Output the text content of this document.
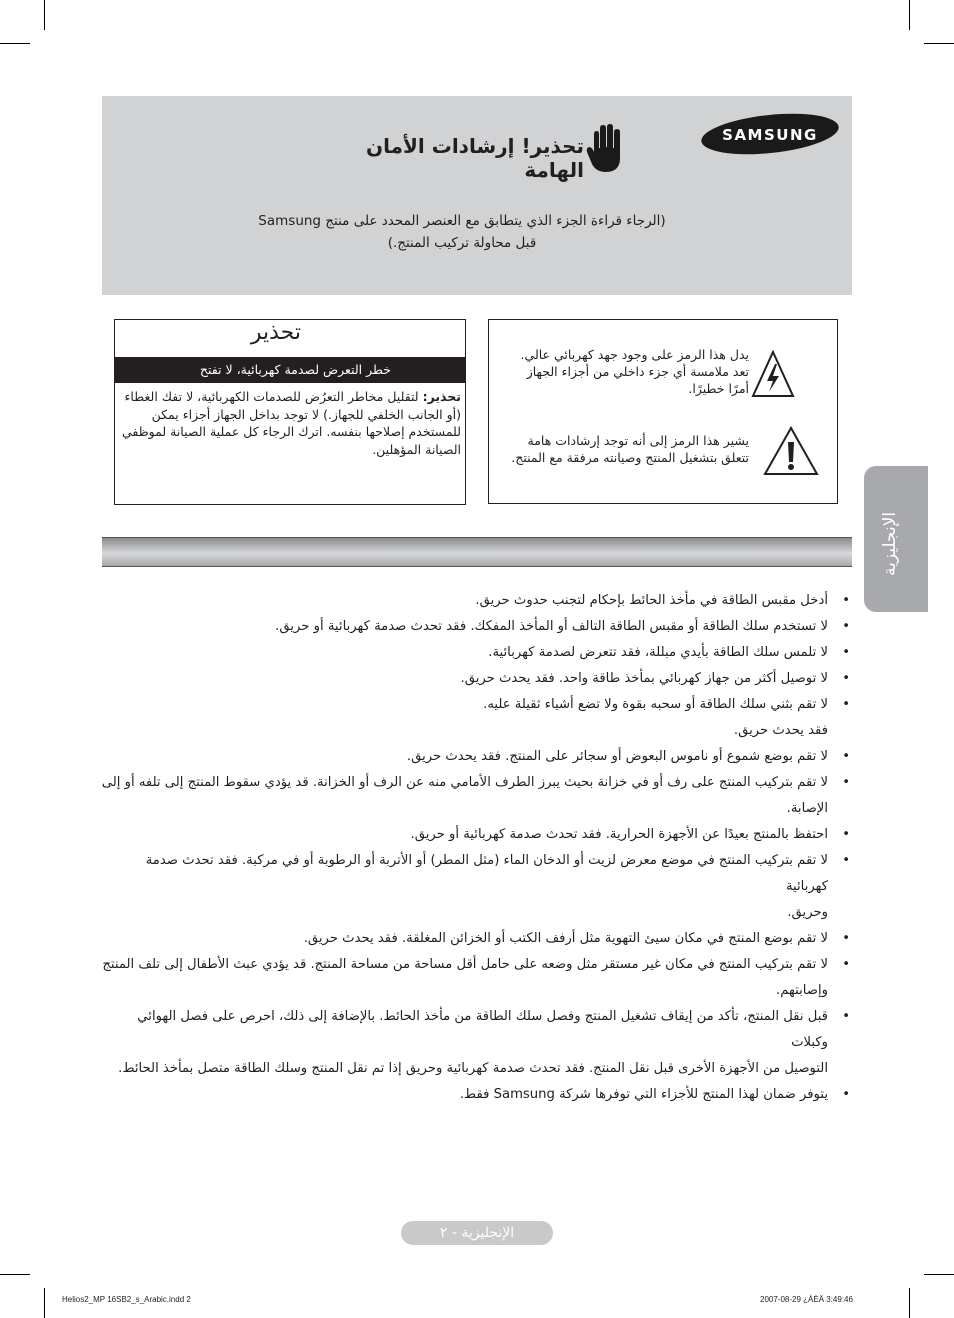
SAMSUNG
تحذير! إرشادات الأمان الهامة
(الرجاء قراءة الجزء الذي يتطابق مع العنصر المحدد على منتج Samsung
قبل محاولة تركيب المنتج.)
يدل هذا الرمز على وجود جهد كهربائي عالي.
تعد ملامسة أي جزء داخلي من أجزاء الجهاز
أمرًا خطيرًا.
يشير هذا الرمز إلى أنه توجد إرشادات هامة
تتعلق بتشغيل المنتج وصيانته مرفقة مع المنتج.
تحذير
خطر التعرض لصدمة كهربائية، لا تفتح
تحذير: لتقليل مخاطر التعرُض للصدمات الكهربائية، لا تفك الغطاء (أو الجانب الخلفي للجهاز.) لا توجد بداخل الجهاز أجزاء يمكن للمستخدم إصلاحها بنفسه. اترك الرجاء كل عملية الصيانة لموظفي الصيانة المؤهلين.
الإنجليزية
• أدخل مقبس الطاقة في مأخذ الحائط بإحكام لتجنب حدوث حريق.
• لا تستخدم سلك الطاقة أو مقبس الطاقة التالف أو المأخذ المفكك. فقد تحدث صدمة كهربائية أو حريق.
• لا تلمس سلك الطاقة بأيدي مبللة، فقد تتعرض لصدمة كهربائية.
• لا توصيل أكثر من جهاز كهربائي بمأخذ طاقة واحد. فقد يحدث حريق.
• لا تقم بثني سلك الطاقة أو سحبه بقوة ولا تضع أشياء ثقيلة عليه.
فقد يحدث حريق.
• لا تقم بوضع شموع أو ناموس البعوض أو سجائر على المنتج. فقد يحدث حريق.
• لا تقم بتركيب المنتج على رف أو في خزانة بحيث يبرز الطرف الأمامي منه عن الرف أو الخزانة. قد يؤدي سقوط المنتج إلى تلفه أو إلى
الإصابة.
• احتفظ بالمنتج بعيدًا عن الأجهزة الحرارية. فقد تحدث صدمة كهربائية أو حريق.
• لا تقم بتركيب المنتج في موضع معرض لزيت أو الدخان الماء (مثل المطر) أو الأتربة أو الرطوبة أو في مركبة. فقد تحدث صدمة كهربائية
وحريق.
• لا تقم بوضع المنتج في مكان سيئ التهوية مثل أرفف الكتب أو الخزائن المغلقة. فقد يحدث حريق.
• لا تقم بتركيب المنتج في مكان غير مستقر مثل وضعه على حامل أقل مساحة من مساحة المنتج. قد يؤدي عبث الأطفال إلى تلف المنتج
وإصابتهم.
• قبل نقل المنتج، تأكد من إيقاف تشغيل المنتج وفصل سلك الطاقة من مأخذ الحائط. بالإضافة إلى ذلك، احرص على فصل الهوائي وكبلات
التوصيل من الأجهزة الأخرى قبل نقل المنتج. فقد تحدث صدمة كهربائية وحريق إذا تم نقل المنتج وسلك الطاقة متصل بمأخذ الحائط.
• يتوفر ضمان لهذا المنتج للأجزاء التي توفرها شركة Samsung فقط.
الإنجليزية - ٢
Helios2_MP 16SB2_s_Arabic.indd 2	2007-08-29 ¿ÀÈÄ 3:49:46
